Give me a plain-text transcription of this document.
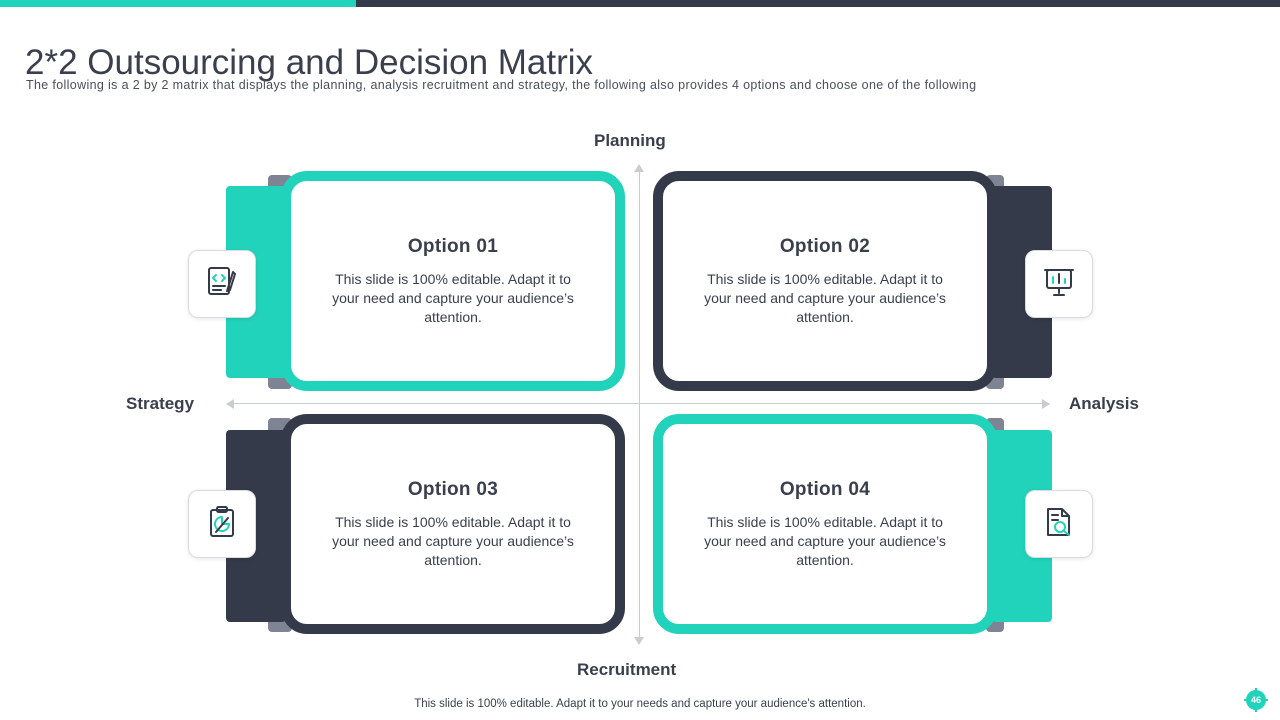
2*2 Outsourcing and Decision Matrix
The following is a 2 by 2 matrix that displays the planning, analysis recruitment and strategy, the following also provides 4 options and choose one of the following
Planning
Recruitment
Strategy	Analysis
Option 01
This slide is 100% editable. Adapt it to your need and capture your audience’s attention.
Option 02
This slide is 100% editable. Adapt it to your need and capture your audience’s attention.
Option 03
This slide is 100% editable. Adapt it to your need and capture your audience’s attention.
Option 04
This slide is 100% editable. Adapt it to your need and capture your audience’s attention.
This slide is 100% editable. Adapt it to your needs and capture your audience's attention.	46
